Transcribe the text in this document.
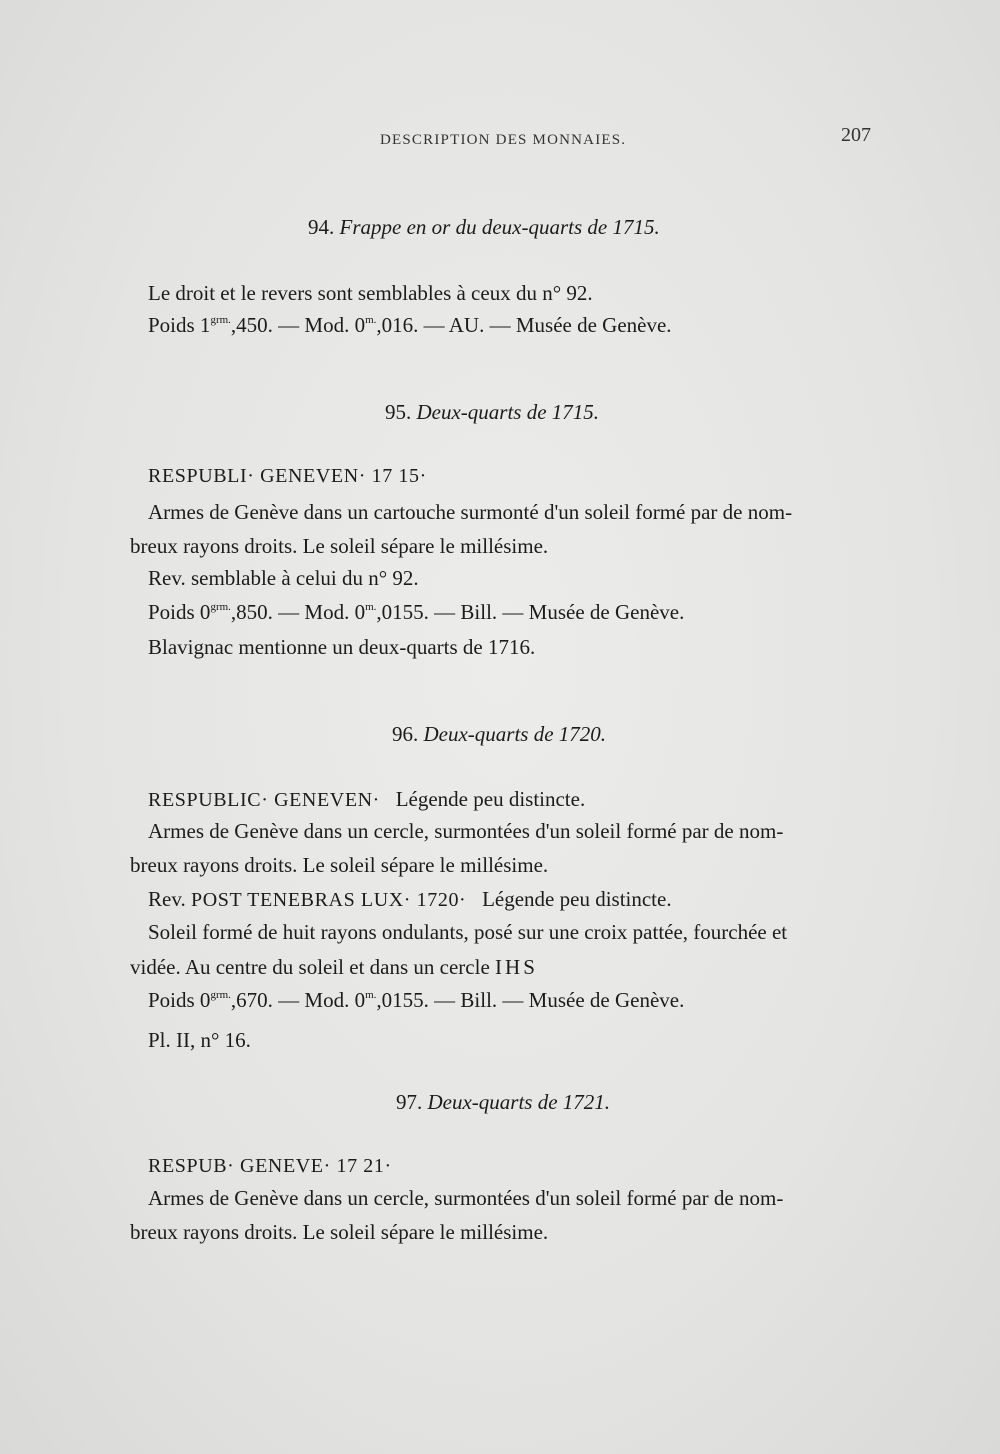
DESCRIPTION DES MONNAIES.	207
94. Frappe en or du deux-quarts de 1715.
Le droit et le revers sont semblables à ceux du n° 92.
Poids $1^{grm.},450$. — Mod. $0^{m.},016$. — AU. — Musée de Genève.
95. Deux-quarts de 1715.
RESPUBLI· GENEVEN· 17 15·
Armes de Genève dans un cartouche surmonté d'un soleil formé par de nom-
breux rayons droits. Le soleil sépare le millésime.
Rev. semblable à celui du n° 92.
Poids $0^{grm.},850$. — Mod. $0^{m.},0155$. — Bill. — Musée de Genève.
Blavignac mentionne un deux-quarts de 1716.
96. Deux-quarts de 1720.
RESPUBLIC· GENEVEN· Légende peu distincte.
Armes de Genève dans un cercle, surmontées d'un soleil formé par de nom-
breux rayons droits. Le soleil sépare le millésime.
Rev. POST TENEBRAS LUX· 1720· Légende peu distincte.
Soleil formé de huit rayons ondulants, posé sur une croix pattée, fourchée et
vidée. Au centre du soleil et dans un cercle IHS
Poids $0^{grm.},670$. — Mod. $0^{m.},0155$. — Bill. — Musée de Genève.
Pl. II, n° 16.
97. Deux-quarts de 1721.
RESPUB· GENEVE· 17 21·
Armes de Genève dans un cercle, surmontées d'un soleil formé par de nom-
breux rayons droits. Le soleil sépare le millésime.
